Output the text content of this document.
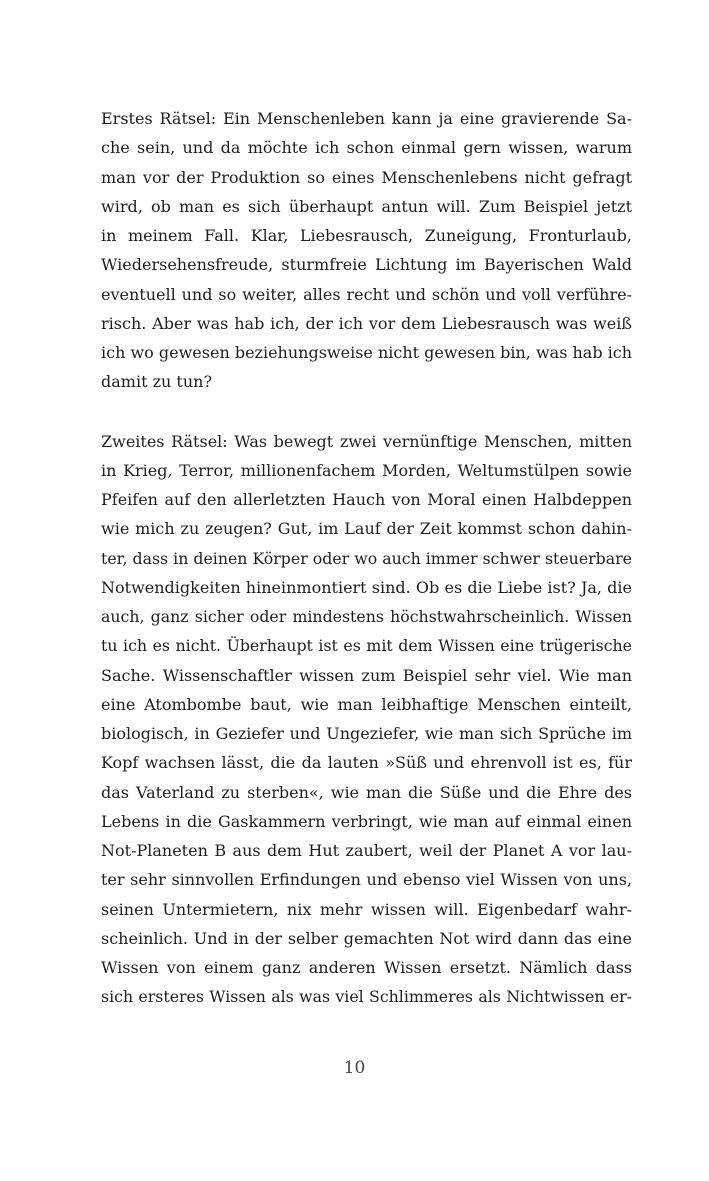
Erstes Rätsel: Ein Menschenleben kann ja eine gravierende Sa-
che sein, und da möchte ich schon einmal gern wissen, warum
man vor der Produktion so eines Menschenlebens nicht gefragt
wird, ob man es sich überhaupt antun will. Zum Beispiel jetzt
in meinem Fall. Klar, Liebesrausch, Zuneigung, Fronturlaub,
Wiedersehensfreude, sturmfreie Lichtung im Bayerischen Wald
eventuell und so weiter, alles recht und schön und voll verführe-
risch. Aber was hab ich, der ich vor dem Liebesrausch was weiß
ich wo gewesen beziehungsweise nicht gewesen bin, was hab ich
damit zu tun?

Zweites Rätsel: Was bewegt zwei vernünftige Menschen, mitten
in Krieg, Terror, millionenfachem Morden, Weltumstülpen sowie
Pfeifen auf den allerletzten Hauch von Moral einen Halbdeppen
wie mich zu zeugen? Gut, im Lauf der Zeit kommst schon dahin-
ter, dass in deinen Körper oder wo auch immer schwer steuerbare
Notwendigkeiten hineinmontiert sind. Ob es die Liebe ist? Ja, die
auch, ganz sicher oder mindestens höchstwahrscheinlich. Wissen
tu ich es nicht. Überhaupt ist es mit dem Wissen eine trügerische
Sache. Wissenschaftler wissen zum Beispiel sehr viel. Wie man
eine Atombombe baut, wie man leibhaftige Menschen einteilt,
biologisch, in Geziefer und Ungeziefer, wie man sich Sprüche im
Kopf wachsen lässt, die da lauten »Süß und ehrenvoll ist es, für
das Vaterland zu sterben«, wie man die Süße und die Ehre des
Lebens in die Gaskammern verbringt, wie man auf einmal einen
Not-Planeten B aus dem Hut zaubert, weil der Planet A vor lau-
ter sehr sinnvollen Erfindungen und ebenso viel Wissen von uns,
seinen Untermietern, nix mehr wissen will. Eigenbedarf wahr-
scheinlich. Und in der selber gemachten Not wird dann das eine
Wissen von einem ganz anderen Wissen ersetzt. Nämlich dass
sich ersteres Wissen als was viel Schlimmeres als Nichtwissen er-

10
